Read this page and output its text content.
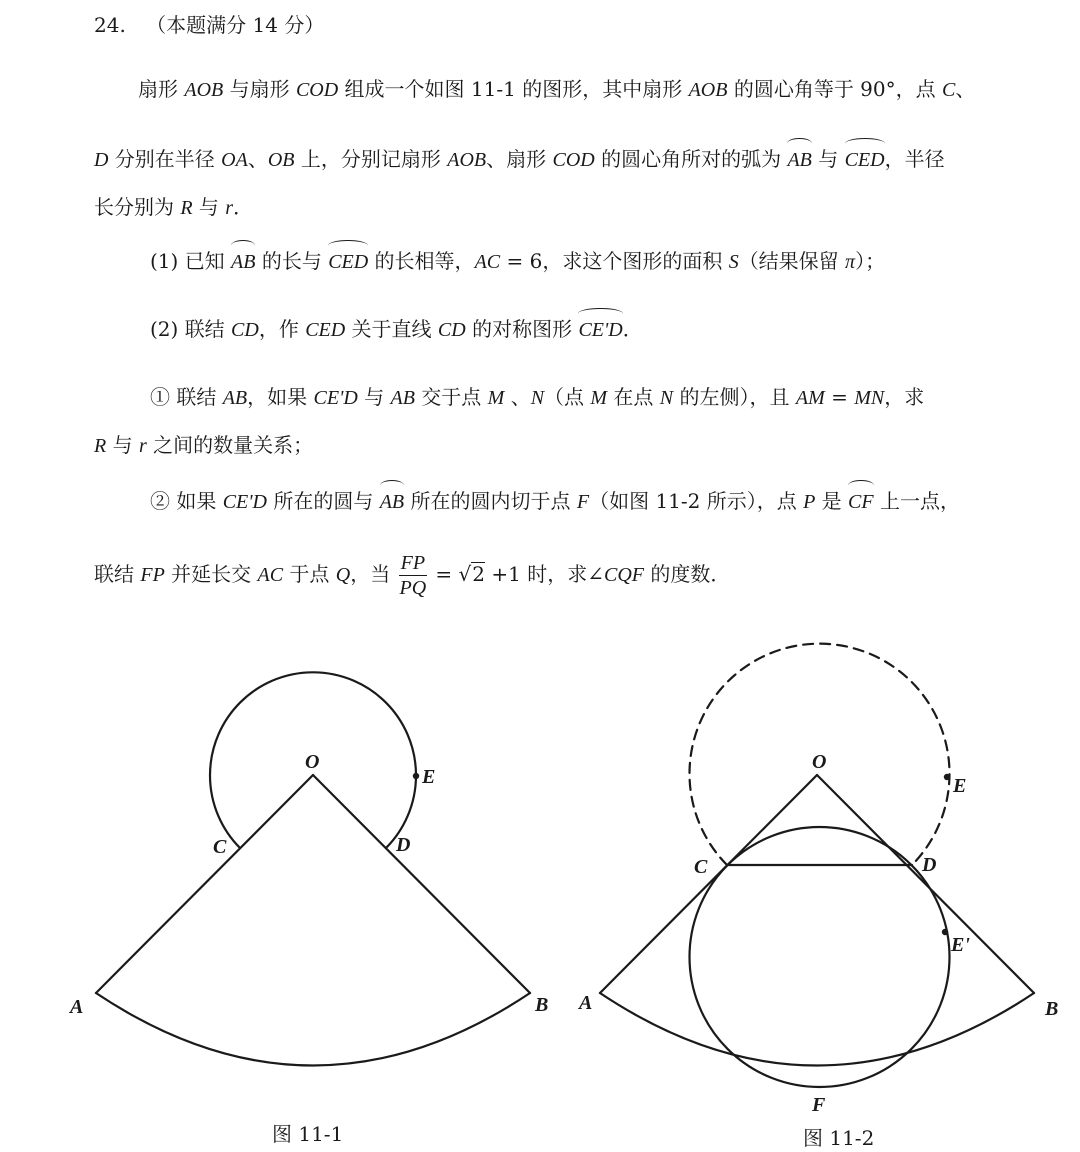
24. （本题满分 14 分）
扇形 AOB 与扇形 COD 组成一个如图 11-1 的图形，其中扇形 AOB 的圆心角等于 90°，点 C、
D 分别在半径 OA、OB 上，分别记扇形 AOB、扇形 COD 的圆心角所对的弧为 AB 与 CED，半径
长分别为 R 与 r．
(1) 已知 AB 的长与 CED 的长相等，AC = 6，求这个图形的面积 S（结果保留 π）；
(2) 联结 CD，作 CED 关于直线 CD 的对称图形 CE'D．
① 联结 AB，如果 CE'D 与 AB 交于点 M 、N（点 M 在点 N 的左侧），且 AM = MN，求
R 与 r 之间的数量关系；
② 如果 CE'D 所在的圆与 AB 所在的圆内切于点 F（如图 11-2 所示），点 P 是 CF 上一点，
联结 FP 并延长交 AC 于点 Q，当 $\frac{FP}{PQ} = √2 +1$ 时，求∠CQF 的度数．
O
E
C	D
A	B
O
E
C	D
E'
A	B
F
图 11-1	图 11-2
